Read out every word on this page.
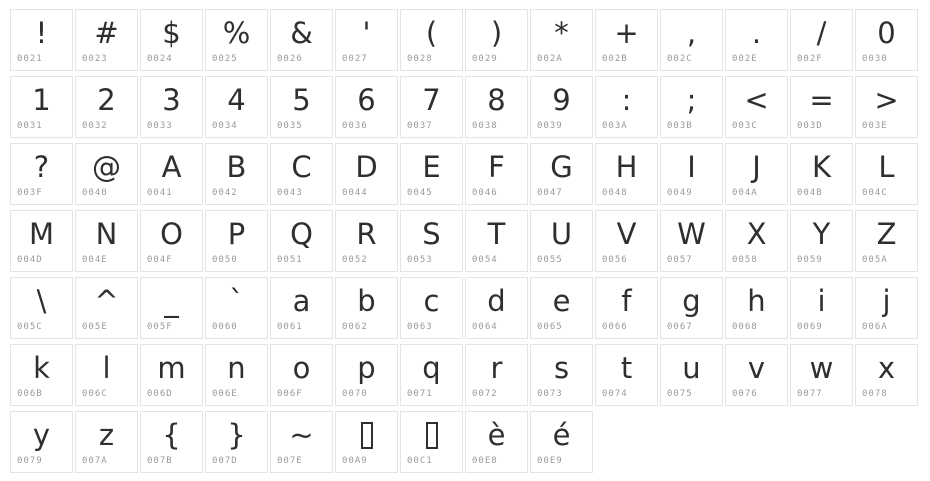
!
0021
#
0023
$
0024
%
0025
&
0026
'
0027
(
0028
)
0029
*
002A
+
002B
,
002C
.
002E
/
002F
0
0030
1
0031
2
0032
3
0033
4
0034
5
0035
6
0036
7
0037
8
0038
9
0039
:
003A
;
003B
<
003C
=
003D
>
003E
?
003F
@
0040
A
0041
B
0042
C
0043
D
0044
E
0045
F
0046
G
0047
H
0048
I
0049
J
004A
K
004B
L
004C
M
004D
N
004E
O
004F
P
0050
Q
0051
R
0052
S
0053
T
0054
U
0055
V
0056
W
0057
X
0058
Y
0059
Z
005A
\
005C
^
005E
_
005F
`
0060
a
0061
b
0062
c
0063
d
0064
e
0065
f
0066
g
0067
h
0068
i
0069
j
006A
k
006B
l
006C
m
006D
n
006E
o
006F
p
0070
q
0071
r
0072
s
0073
t
0074
u
0075
v
0076
w
0077
x
0078
y
0079
z
007A
{
007B
}
007D
~
007E	00A9	00C1
è
00E8
é
00E9
